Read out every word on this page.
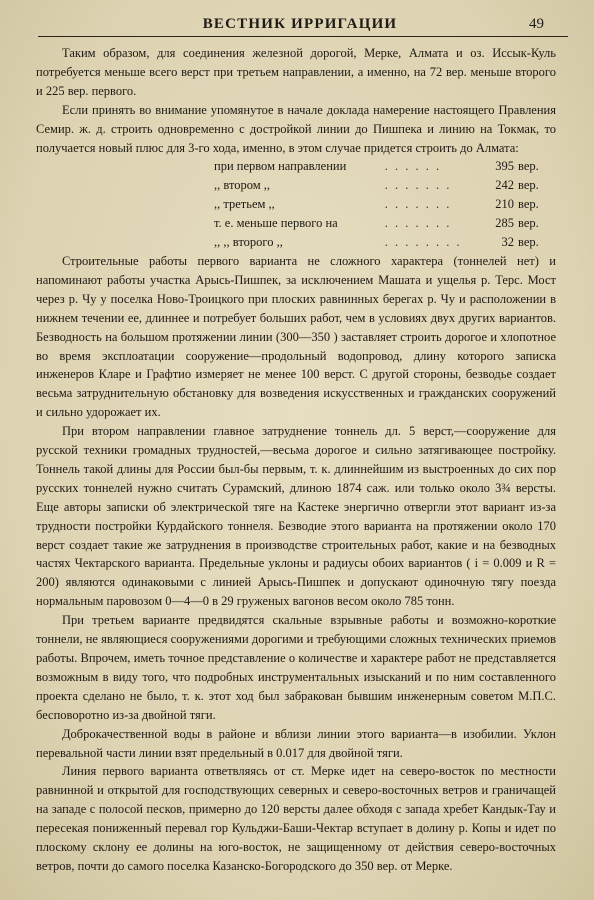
ВЕСТНИК ИРРИГАЦИИ	49

Таким образом, для соединения железной дорогой, Мерке, Алмата и оз. Иссык-Куль потребуется меньше всего верст при третьем направлении, а именно, на 72 вер. меньше второго и 225 вер. первого.

Если принять во внимание упомянутое в начале доклада намерение настоящего Правления Семир. ж. д. строить одновременно с достройкой линии до Пишпека и линию на Токмак, то получается новый плюс для 3-го хода, именно, в этом случае придется строить до Алмата:

при первом направлении	. . . . . .	395	вер.
,, втором ,,	. . . . . . .	242	вер.
,, третьем ,,	. . . . . . .	210	вер.
т. е. меньше первого на	. . . . . . .	285	вер.
,, ,, второго ,,	. . . . . . . .	32	вер.

Строительные работы первого варианта не сложного характера (тоннелей нет) и напоминают работы участка Арысь-Пишпек, за исключением Машата и ущелья р. Терс. Мост через р. Чу у поселка Ново-Троицкого при плоских равнинных берегах р. Чу и расположении в нижнем течении ее, длиннее и потребует больших работ, чем в условиях двух других вариантов. Безводность на большом протяжении линии (300—350 ) заставляет строить дорогое и хлопотное во время эксплоатации сооружение—продольный водопровод, длину которого записка инженеров Кларе и Графтио измеряет не менее 100 верст. С другой стороны, безводье создает весьма затруднительную обстановку для возведения искусственных и гражданских сооружений и сильно удорожает их.

При втором направлении главное затруднение тоннель дл. 5 верст,—сооружение для русской техники громадных трудностей,—весьма дорогое и сильно затягивающее постройку. Тоннель такой длины для России был-бы первым, т. к. длиннейшим из выстроенных до сих пор русских тоннелей нужно считать Сурамский, длиною 1874 саж. или только около 3¾ версты. Еще авторы записки об электрической тяге на Кастеке энергично отвергли этот вариант из-за трудности постройки Курдайского тоннеля. Безводие этого варианта на протяжении около 170 верст создает такие же затруднения в производстве строительных работ, какие и на безводных частях Чектарского варианта. Предельные уклоны и радиусы обоих вариантов ( i = 0.009 и R = 200) являются одинаковыми с линией Арысь-Пишпек и допускают одиночную тягу поезда нормальным паровозом 0—4—0 в 29 груженых вагонов весом около 785 тонн.

При третьем варианте предвидятся скальные взрывные работы и возможно-короткие тоннели, не являющиеся сооружениями дорогими и требующими сложных технических приемов работы. Впрочем, иметь точное представление о количестве и характере работ не представляется возможным в виду того, что подробных инструментальных изысканий и по ним составленного проекта сделано не было, т. к. этот ход был забракован бывшим инженерным советом М.П.С. бесповоротно из-за двойной тяги.

Доброкачественной воды в районе и вблизи линии этого варианта—в изобилии. Уклон перевальной части линии взят предельный в 0.017 для двойной тяги.

Линия первого варианта ответвляясь от ст. Мерке идет на северо-восток по местности равнинной и открытой для господствующих северных и северо-восточных ветров и граничащей на западе с полосой песков, примерно до 120 версты далее обходя с запада хребет Кандык-Тау и пересекая пониженный перевал гор Кульджи-Баши-Чектар вступает в долину р. Копы и идет по плоскому склону ее долины на юго-восток, не защищенному от действия северо-восточных ветров, почти до самого поселка Казанско-Богородского до 350 вер. от Мерке.
